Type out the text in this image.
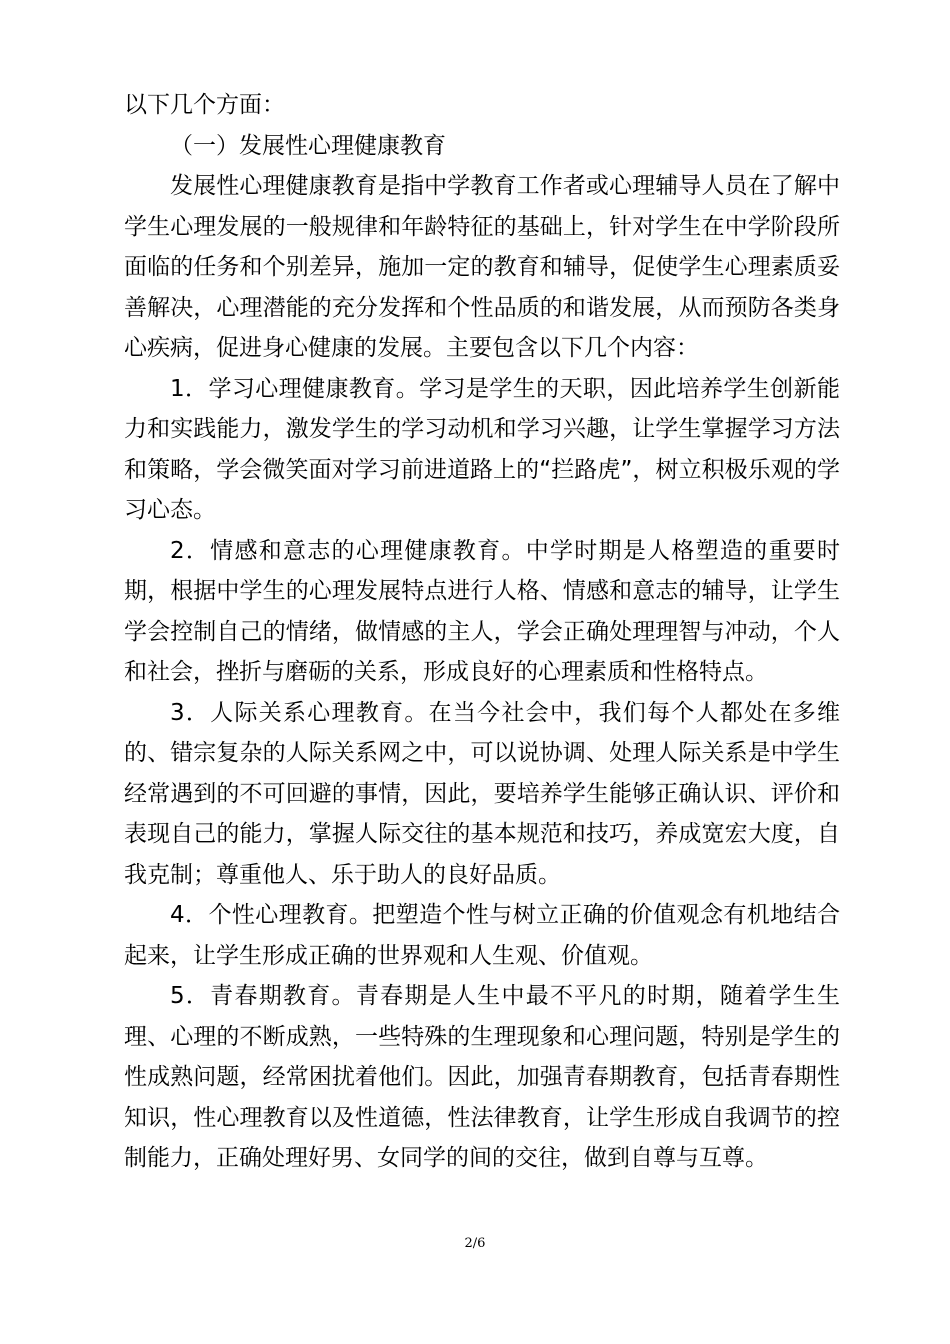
以下几个方面：

（一）发展性心理健康教育

发展性心理健康教育是指中学教育工作者或心理辅导人员在了解中学生心理发展的一般规律和年龄特征的基础上，针对学生在中学阶段所面临的任务和个别差异，施加一定的教育和辅导，促使学生心理素质妥善解决，心理潜能的充分发挥和个性品质的和谐发展，从而预防各类身心疾病，促进身心健康的发展。主要包含以下几个内容：

1．学习心理健康教育。学习是学生的天职，因此培养学生创新能力和实践能力，激发学生的学习动机和学习兴趣，让学生掌握学习方法和策略，学会微笑面对学习前进道路上的“拦路虎”，树立积极乐观的学习心态。

2．情感和意志的心理健康教育。中学时期是人格塑造的重要时期，根据中学生的心理发展特点进行人格、情感和意志的辅导，让学生学会控制自己的情绪，做情感的主人，学会正确处理理智与冲动，个人和社会，挫折与磨砺的关系，形成良好的心理素质和性格特点。

3．人际关系心理教育。在当今社会中，我们每个人都处在多维的、错宗复杂的人际关系网之中，可以说协调、处理人际关系是中学生经常遇到的不可回避的事情，因此，要培养学生能够正确认识、评价和表现自己的能力，掌握人际交往的基本规范和技巧，养成宽宏大度，自我克制；尊重他人、乐于助人的良好品质。

4．个性心理教育。把塑造个性与树立正确的价值观念有机地结合起来，让学生形成正确的世界观和人生观、价值观。

5．青春期教育。青春期是人生中最不平凡的时期，随着学生生理、心理的不断成熟，一些特殊的生理现象和心理问题，特别是学生的性成熟问题，经常困扰着他们。因此，加强青春期教育，包括青春期性知识，性心理教育以及性道德，性法律教育，让学生形成自我调节的控制能力，正确处理好男、女同学的间的交往，做到自尊与互尊。

2/6
